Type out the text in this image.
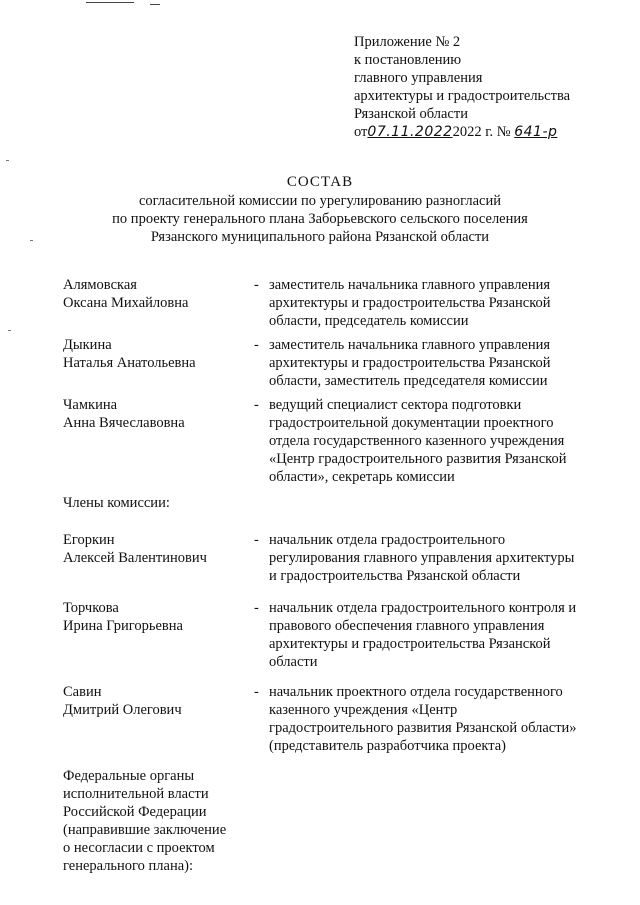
Приложение № 2
к постановлению
главного управления
архитектуры и градостроительства
Рязанской области
от07.11.20222022 г. № 641-р
СОСТАВ
согласительной комиссии по урегулированию разногласий
по проекту генерального плана Заборьевского сельского поселения
Рязанского муниципального района Рязанской области
Алямовская
Оксана Михайловна
- заместитель начальника главного управления
архитектуры и градостроительства Рязанской
области, председатель комиссии
Дыкина
Наталья Анатольевна
- заместитель начальника главного управления
архитектуры и градостроительства Рязанской
области, заместитель председателя комиссии
Чамкина
Анна Вячеславовна
- ведущий специалист сектора подготовки
градостроительной документации проектного
отдела государственного казенного учреждения
«Центр градостроительного развития Рязанской
области», секретарь комиссии
Члены комиссии:
Егоркин
Алексей Валентинович
- начальник отдела градостроительного
регулирования главного управления архитектуры
и градостроительства Рязанской области
Торчкова
Ирина Григорьевна
- начальник отдела градостроительного контроля и
правового обеспечения главного управления
архитектуры и градостроительства Рязанской
области
Савин
Дмитрий Олегович
- начальник проектного отдела государственного
казенного учреждения «Центр
градостроительного развития Рязанской области»
(представитель разработчика проекта)
Федеральные органы
исполнительной власти
Российской Федерации
(направившие заключение
о несогласии с проектом
генерального плана):
